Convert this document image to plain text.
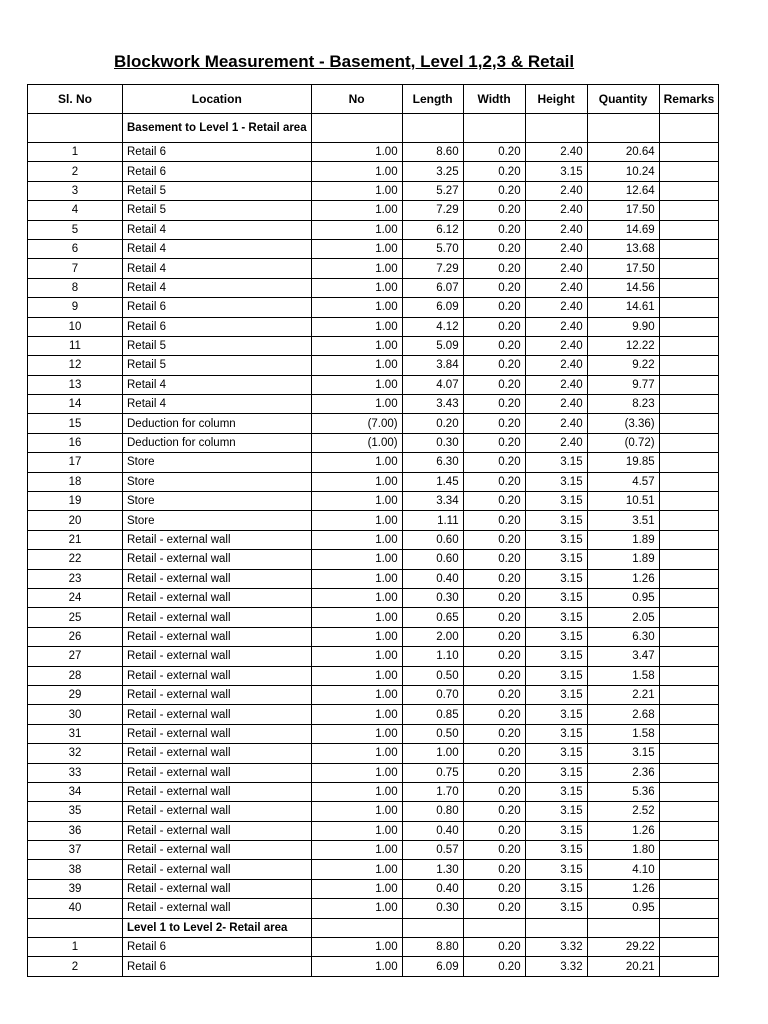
Blockwork Measurement - Basement, Level 1,2,3 & Retail
Sl. No	Location	No	Length	Width	Height	Quantity	Remarks
	Basement to Level 1 - Retail area						
1	Retail 6	1.00	8.60	0.20	2.40	20.64	
2	Retail 6	1.00	3.25	0.20	3.15	10.24	
3	Retail 5	1.00	5.27	0.20	2.40	12.64	
4	Retail 5	1.00	7.29	0.20	2.40	17.50	
5	Retail 4	1.00	6.12	0.20	2.40	14.69	
6	Retail 4	1.00	5.70	0.20	2.40	13.68	
7	Retail 4	1.00	7.29	0.20	2.40	17.50	
8	Retail 4	1.00	6.07	0.20	2.40	14.56	
9	Retail 6	1.00	6.09	0.20	2.40	14.61	
10	Retail 6	1.00	4.12	0.20	2.40	9.90	
11	Retail 5	1.00	5.09	0.20	2.40	12.22	
12	Retail 5	1.00	3.84	0.20	2.40	9.22	
13	Retail 4	1.00	4.07	0.20	2.40	9.77	
14	Retail 4	1.00	3.43	0.20	2.40	8.23	
15	Deduction for column	(7.00)	0.20	0.20	2.40	(3.36)	
16	Deduction for column	(1.00)	0.30	0.20	2.40	(0.72)	
17	Store	1.00	6.30	0.20	3.15	19.85	
18	Store	1.00	1.45	0.20	3.15	4.57	
19	Store	1.00	3.34	0.20	3.15	10.51	
20	Store	1.00	1.11	0.20	3.15	3.51	
21	Retail - external wall	1.00	0.60	0.20	3.15	1.89	
22	Retail - external wall	1.00	0.60	0.20	3.15	1.89	
23	Retail - external wall	1.00	0.40	0.20	3.15	1.26	
24	Retail - external wall	1.00	0.30	0.20	3.15	0.95	
25	Retail - external wall	1.00	0.65	0.20	3.15	2.05	
26	Retail - external wall	1.00	2.00	0.20	3.15	6.30	
27	Retail - external wall	1.00	1.10	0.20	3.15	3.47	
28	Retail - external wall	1.00	0.50	0.20	3.15	1.58	
29	Retail - external wall	1.00	0.70	0.20	3.15	2.21	
30	Retail - external wall	1.00	0.85	0.20	3.15	2.68	
31	Retail - external wall	1.00	0.50	0.20	3.15	1.58	
32	Retail - external wall	1.00	1.00	0.20	3.15	3.15	
33	Retail - external wall	1.00	0.75	0.20	3.15	2.36	
34	Retail - external wall	1.00	1.70	0.20	3.15	5.36	
35	Retail - external wall	1.00	0.80	0.20	3.15	2.52	
36	Retail - external wall	1.00	0.40	0.20	3.15	1.26	
37	Retail - external wall	1.00	0.57	0.20	3.15	1.80	
38	Retail - external wall	1.00	1.30	0.20	3.15	4.10	
39	Retail - external wall	1.00	0.40	0.20	3.15	1.26	
40	Retail - external wall	1.00	0.30	0.20	3.15	0.95	
	Level 1 to Level 2- Retail area						
1	Retail 6	1.00	8.80	0.20	3.32	29.22	
2	Retail 6	1.00	6.09	0.20	3.32	20.21	
